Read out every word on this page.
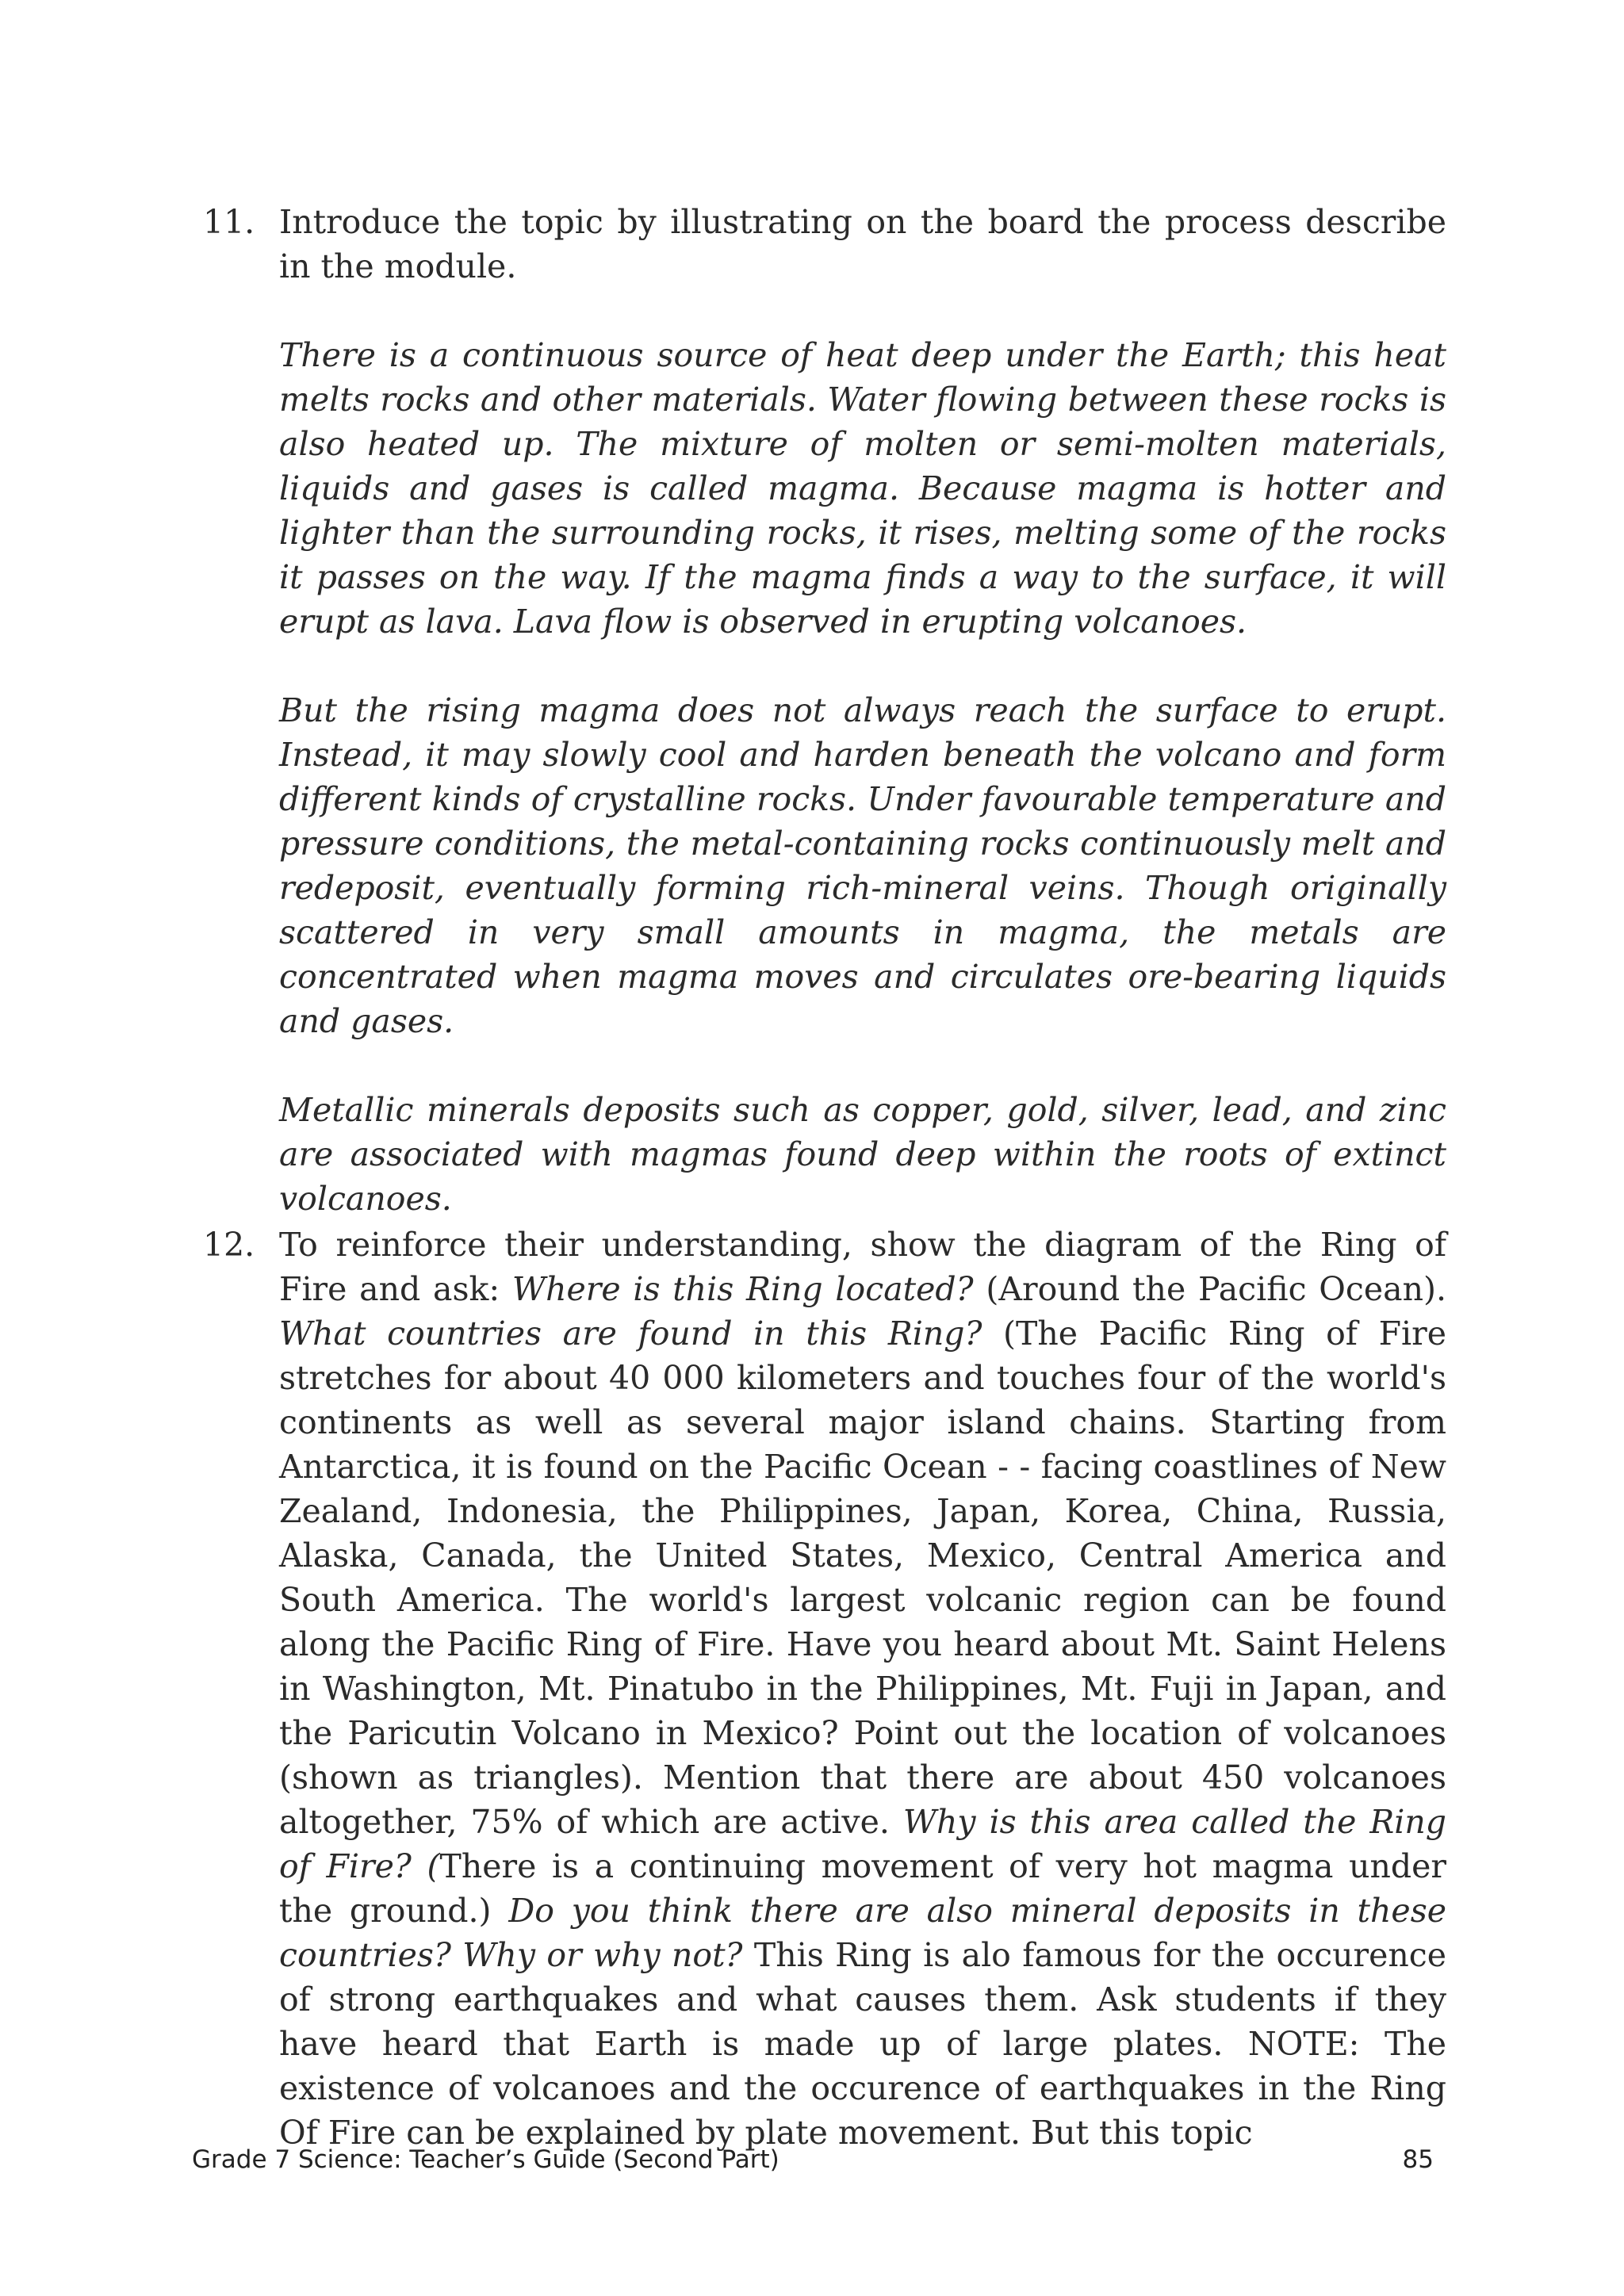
11. Introduce the topic by illustrating on the board the process describe in the module.

There is a continuous source of heat deep under the Earth; this heat melts rocks and other materials. Water flowing between these rocks is also heated up. The mixture of molten or semi-molten materials, liquids and gases is called magma. Because magma is hotter and lighter than the surrounding rocks, it rises, melting some of the rocks it passes on the way. If the magma finds a way to the surface, it will erupt as lava. Lava flow is observed in erupting volcanoes.

But the rising magma does not always reach the surface to erupt. Instead, it may slowly cool and harden beneath the volcano and form different kinds of crystalline rocks. Under favourable temperature and pressure conditions, the metal-containing rocks continuously melt and redeposit, eventually forming rich-mineral veins. Though originally scattered in very small amounts in magma, the metals are concentrated when magma moves and circulates ore-bearing liquids and gases.

Metallic minerals deposits such as copper, gold, silver, lead, and zinc are associated with magmas found deep within the roots of extinct volcanoes.

12. To reinforce their understanding, show the diagram of the Ring of Fire and ask: Where is this Ring located? (Around the Pacific Ocean). What countries are found in this Ring? (The Pacific Ring of Fire stretches for about 40 000 kilometers and touches four of the world's continents as well as several major island chains. Starting from Antarctica, it is found on the Pacific Ocean - - facing coastlines of New Zealand, Indonesia, the Philippines, Japan, Korea, China, Russia, Alaska, Canada, the United States, Mexico, Central America and South America. The world's largest volcanic region can be found along the Pacific Ring of Fire. Have you heard about Mt. Saint Helens in Washington, Mt. Pinatubo in the Philippines, Mt. Fuji in Japan, and the Paricutin Volcano in Mexico? Point out the location of volcanoes (shown as triangles). Mention that there are about 450 volcanoes altogether, 75% of which are active. Why is this area called the Ring of Fire? (There is a continuing movement of very hot magma under the ground.) Do you think there are also mineral deposits in these countries? Why or why not? This Ring is alo famous for the occurence of strong earthquakes and what causes them. Ask students if they have heard that Earth is made up of large plates. NOTE: The existence of volcanoes and the occurence of earthquakes in the Ring Of Fire can be explained by plate movement. But this topic

Grade 7 Science: Teacher’s Guide (Second Part)	85
